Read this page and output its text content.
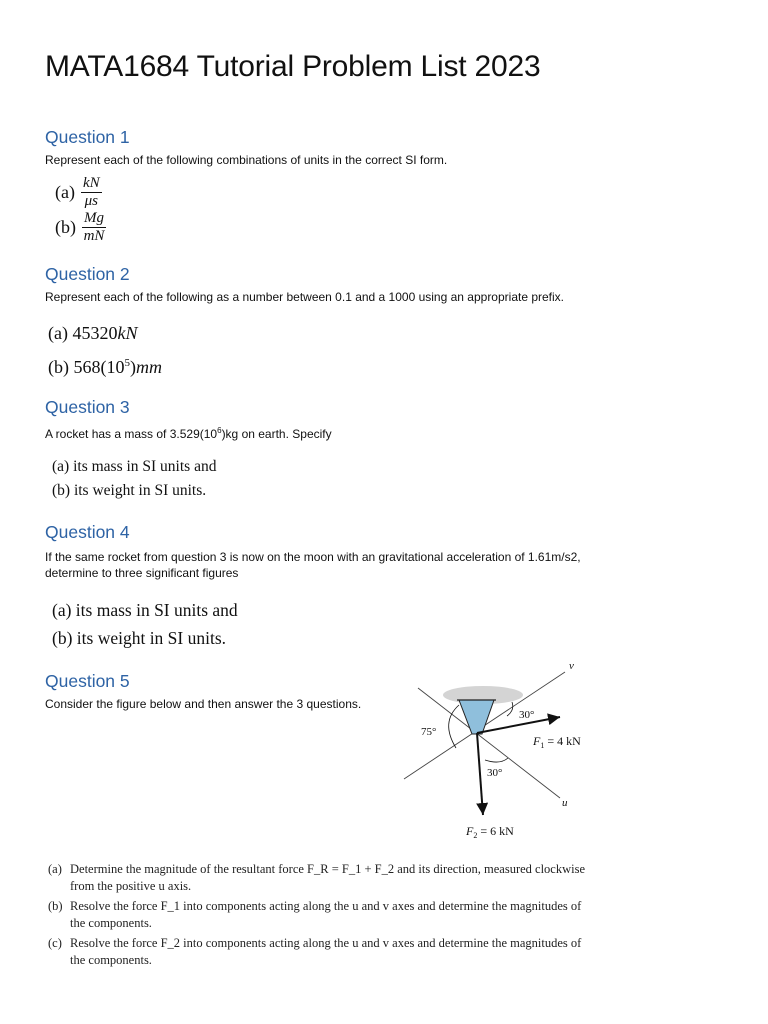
MATA1684 Tutorial Problem List 2023
Question 1
Represent each of the following combinations of units in the correct SI form.
$(a) \frac{kN}{\mu s}$
$(b) \frac{Mg}{mN}$
Question 2
Represent each of the following as a number between 0.1 and a 1000 using an appropriate prefix.
(a) 45320kN
(b) $568(10^5)mm$
Question 3
A rocket has a mass of $3.529(10^6)kg$ on earth. Specify
(a) its mass in SI units and
(b) its weight in SI units.
Question 4
If the same rocket from question 3 is now on the moon with an gravitational acceleration of 1.61m/s2,
determine to three significant figures
(a) its mass in SI units and
(b) its weight in SI units.
Question 5
Consider the figure below and then answer the 3 questions.
30°
75°
30°
$F_1 = 4$ kN
v
u
$F_2 = 6$ kN
(a) Determine the magnitude of the resultant force F_R = F_1 + F_2 and its direction, measured clockwise
from the positive u axis.
(b) Resolve the force F_1 into components acting along the u and v axes and determine the magnitudes of
the components.
(c) Resolve the force F_2 into components acting along the u and v axes and determine the magnitudes of
the components.
